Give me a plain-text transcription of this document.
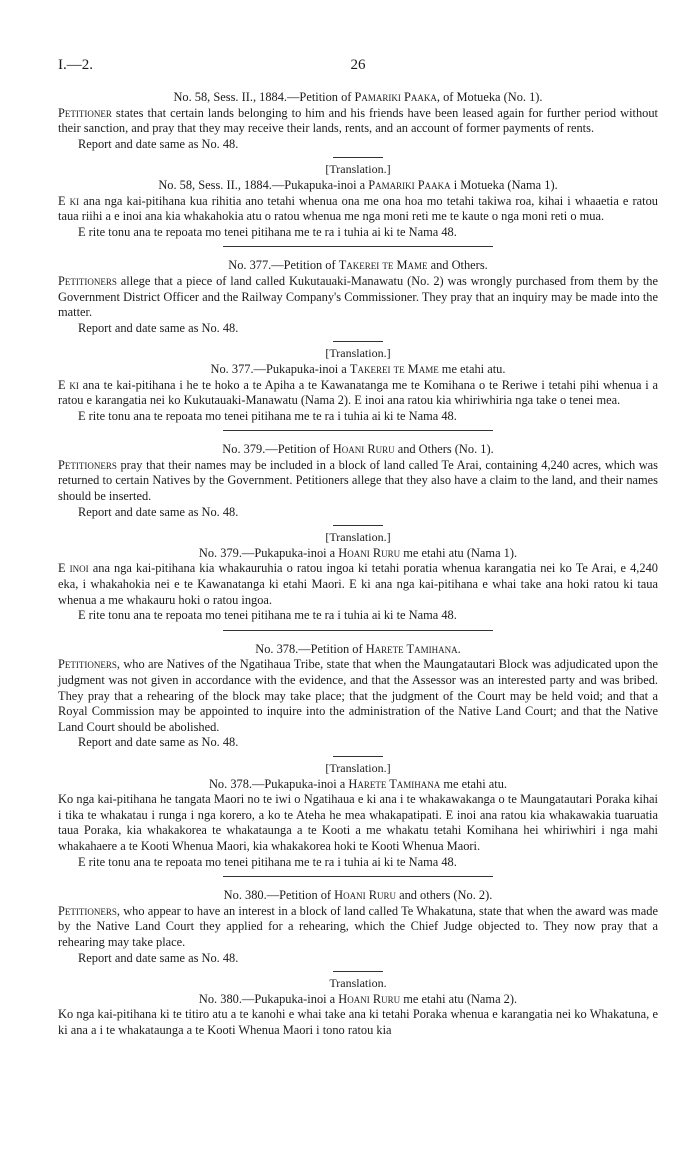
I.—2.	26

No. 58, Sess. II., 1884.—Petition of Pamariki Paaka, of Motueka (No. 1).

Petitioner states that certain lands belonging to him and his friends have been leased again for further period without their sanction, and pray that they may receive their lands, rents, and an account of former payments of rents.

Report and date same as No. 48.

[Translation.]

No. 58, Sess. II., 1884.—Pukapuka-inoi a Pamariki Paaka i Motueka (Nama 1).

E ki ana nga kai-pitihana kua rihitia ano tetahi whenua ona me ona hoa mo tetahi takiwa roa, kihai i whaaetia e ratou taua riihi a e inoi ana kia whakahokia atu o ratou whenua me nga moni reti me te kaute o nga moni reti o mua.

E rite tonu ana te repoata mo tenei pitihana me te ra i tuhia ai ki te Nama 48.

No. 377.—Petition of Takerei te Mame and Others.

Petitioners allege that a piece of land called Kukutauaki-Manawatu (No. 2) was wrongly purchased from them by the Government District Officer and the Railway Company's Commissioner. They pray that an inquiry may be made into the matter.

Report and date same as No. 48.

[Translation.]

No. 377.—Pukapuka-inoi a Takerei te Mame me etahi atu.

E ki ana te kai-pitihana i he te hoko a te Apiha a te Kawanatanga me te Komihana o te Reriwe i tetahi pihi whenua i a ratou e karangatia nei ko Kukutauaki-Manawatu (Nama 2). E inoi ana ratou kia whiriwhiria nga take o tenei mea.

E rite tonu ana te repoata mo tenei pitihana me te ra i tuhia ai ki te Nama 48.

No. 379.—Petition of Hoani Ruru and Others (No. 1).

Petitioners pray that their names may be included in a block of land called Te Arai, containing 4,240 acres, which was returned to certain Natives by the Government. Petitioners allege that they also have a claim to the land, and their names should be inserted.

Report and date same as No. 48.

[Translation.]

No. 379.—Pukapuka-inoi a Hoani Ruru me etahi atu (Nama 1).

E inoi ana nga kai-pitihana kia whakauruhia o ratou ingoa ki tetahi poratia whenua karangatia nei ko Te Arai, e 4,240 eka, i whakahokia nei e te Kawanatanga ki etahi Maori. E ki ana nga kai-pitihana e whai take ana hoki ratou ki taua whenua a me whakauru hoki o ratou ingoa.

E rite tonu ana te repoata mo tenei pitihana me te ra i tuhia ai ki te Nama 48.

No. 378.—Petition of Harete Tamihana.

Petitioners, who are Natives of the Ngatihaua Tribe, state that when the Maungatautari Block was adjudicated upon the judgment was not given in accordance with the evidence, and that the Assessor was an interested party and was bribed. They pray that a rehearing of the block may take place; that the judgment of the Court may be held void; and that a Royal Commission may be appointed to inquire into the administration of the Native Land Court; and that the Native Land Court should be abolished.

Report and date same as No. 48.

[Translation.]

No. 378.—Pukapuka-inoi a Harete Tamihana me etahi atu.

Ko nga kai-pitihana he tangata Maori no te iwi o Ngatihaua e ki ana i te whakawakanga o te Maungatautari Poraka kihai i tika te whakatau i runga i nga korero, a ko te Ateha he mea whakapatipati. E inoi ana ratou kia whakawakia tuaruatia taua Poraka, kia whakakorea te whakataunga a te Kooti a me whakatu tetahi Komihana hei whiriwhiri i nga mahi whakahaere a te Kooti Whenua Maori, kia whakakorea hoki te Kooti Whenua Maori.

E rite tonu ana te repoata mo tenei pitihana me te ra i tuhia ai ki te Nama 48.

No. 380.—Petition of Hoani Ruru and others (No. 2).

Petitioners, who appear to have an interest in a block of land called Te Whakatuna, state that when the award was made by the Native Land Court they applied for a rehearing, which the Chief Judge objected to. They now pray that a rehearing may take place.

Report and date same as No. 48.

Translation.

No. 380.—Pukapuka-inoi a Hoani Ruru me etahi atu (Nama 2).

Ko nga kai-pitihana ki te titiro atu a te kanohi e whai take ana ki tetahi Poraka whenua e karangatia nei ko Whakatuna, e ki ana a i te whakataunga a te Kooti Whenua Maori i tono ratou kia
